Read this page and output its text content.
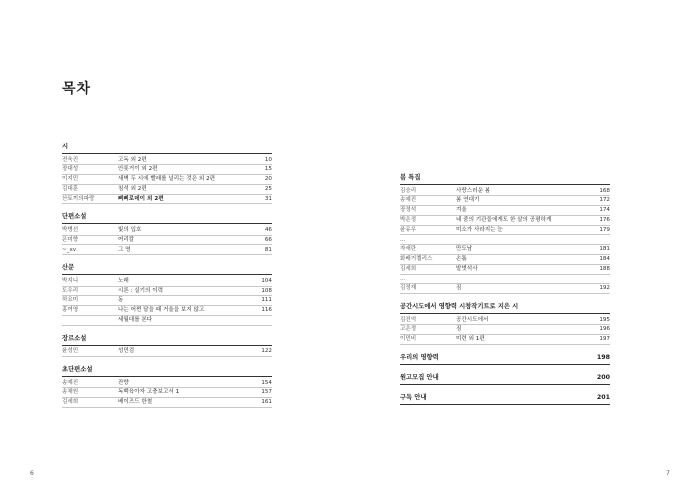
목차
시
전욱진	고독 외 2편	10
장대성	안롯거이 외 2편	15
이지민	새벽 두 시에 빨래를 널리는 것은 외 2편	20
김대훈	침석 외 2편	25
산토끼의파랑	삐삐로데이 외 2편	31
단편소설
박병선	빛의 입호	46
은미향	여리칼	66
~_xv	그 영	81
산문
박지니	노래	104
도우리	시론 : 실기의 이력	108
하요미	동	111
홍여영	나는 어쩐 달을 때 거울을 보지 않고	116
세월대를 본다
장르소설
윤성민	성민검	122
초단편소설
송예진	잔향	154
송채원	독백육아자 고충보고서 1	157
김세희	베이즈드 한철	161
봄 특집
김승리	사랑스러운 봄	168
송예진	봄 연대기	172
장정석	겨울	174
박은정	네 줌의 기관들에게도 한 살의 공평하게	176
윤유우	미소가 사라지는 눈	179
...
자세란	만도남	181
화배거켈리스	손톱	184
김세희	발벗석사	188
...
김정재	짐	192
공간시도에서 영향력 시창작기트로 지은 시
김진억	공간시도에서	195
고은정	짐	196
이민비	미련 외 1편	197
우리의 영향력	198
원고모집 안내	200
구독 안내	201
6	7
